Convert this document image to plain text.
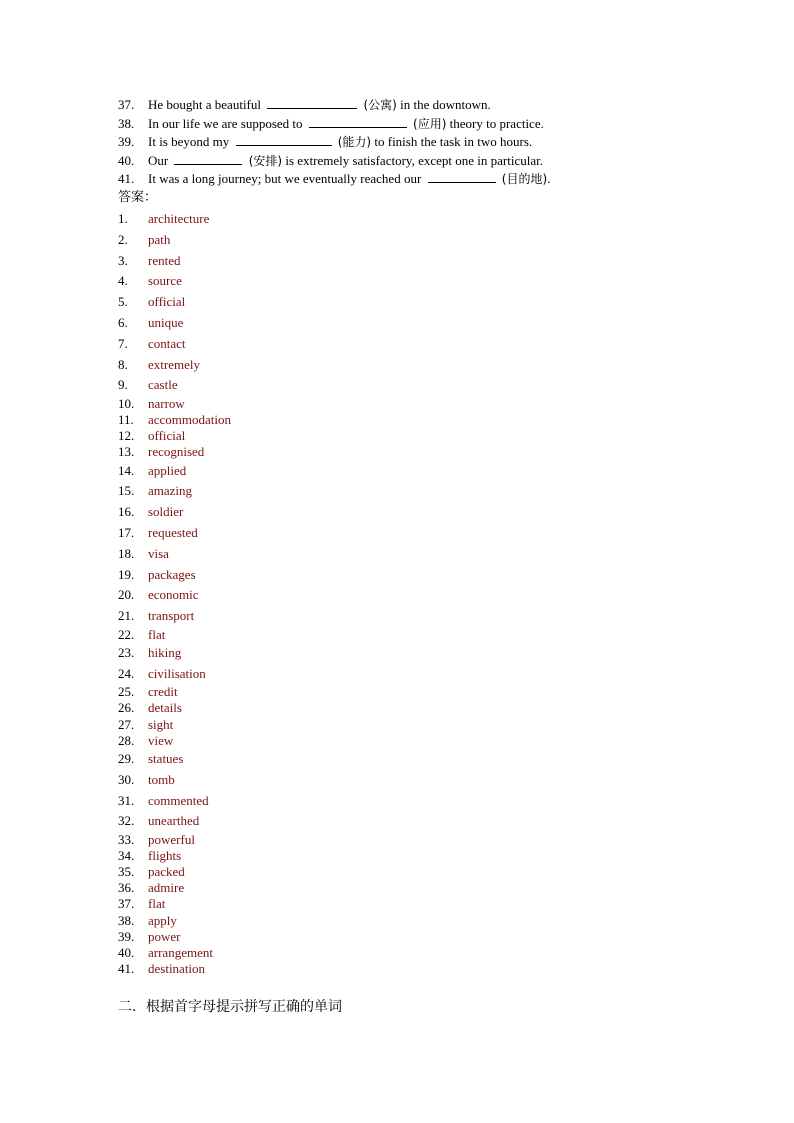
37. He bought a beautiful	(公寓) in the downtown.
38. In our life we are supposed to	(应用) theory to practice.
39. It is beyond my	(能力) to finish the task in two hours.
40. Our	(安排) is extremely satisfactory, except one in particular.
41. It was a long journey; but we eventually reached our	(目的地).
答案：
1. architecture
2. path
3. rented
4. source
5. official
6. unique
7. contact
8. extremely
9. castle
10. narrow
11. accommodation
12. official
13. recognised
14. applied
15. amazing
16. soldier
17. requested
18. visa
19. packages
20. economic
21. transport
22. flat
23. hiking
24. civilisation
25. credit
26. details
27. sight
28. view
29. statues
30. tomb
31. commented
32. unearthed
33. powerful
34. flights
35. packed
36. admire
37. flat
38. apply
39. power
40. arrangement
41. destination
二．根据首字母提示拼写正确的单词
